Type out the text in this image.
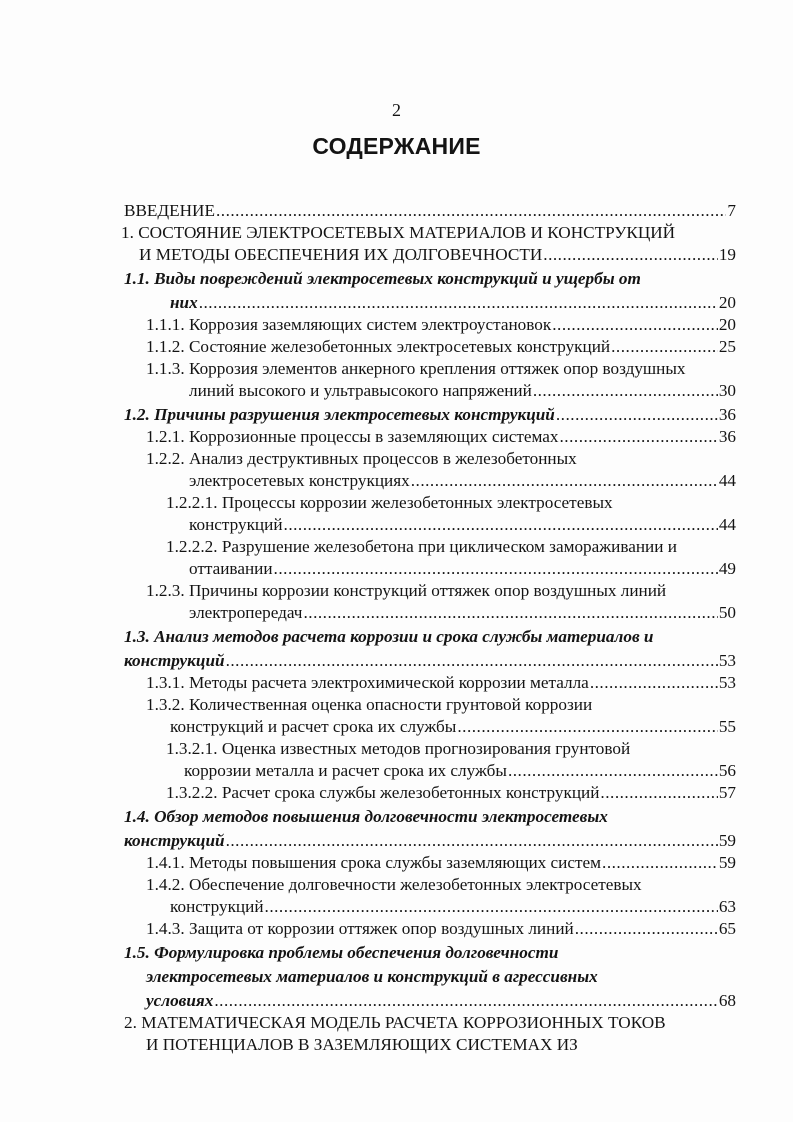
2
СОДЕРЖАНИЕ
ВВЕДЕНИЕ .....	7
1. СОСТОЯНИЕ ЭЛЕКТРОСЕТЕВЫХ МАТЕРИАЛОВ И КОНСТРУКЦИЙ
И МЕТОДЫ ОБЕСПЕЧЕНИЯ ИХ ДОЛГОВЕЧНОСТИ .....	19
1.1. Виды повреждений электросетевых конструкций и ущербы от
них .....	20
1.1.1. Коррозия заземляющих систем электроустановок .....	20
1.1.2. Состояние железобетонных электросетевых конструкций .....	25
1.1.3. Коррозия элементов анкерного крепления оттяжек опор воздушных
линий высокого и ультравысокого напряжений .....	30
1.2. Причины разрушения электросетевых конструкций .....	36
1.2.1. Коррозионные процессы в заземляющих системах .....	36
1.2.2. Анализ деструктивных процессов в железобетонных
электросетевых конструкциях .....	44
1.2.2.1. Процессы коррозии железобетонных электросетевых
конструкций .....	44
1.2.2.2. Разрушение железобетона при циклическом замораживании и
оттаивании .....	49
1.2.3. Причины коррозии конструкций оттяжек опор воздушных линий
электропередач .....	50
1.3. Анализ методов расчета коррозии и срока службы материалов и
конструкций .....	53
1.3.1. Методы расчета электрохимической коррозии металла .....	53
1.3.2. Количественная оценка опасности грунтовой коррозии
конструкций и расчет срока их службы .....	55
1.3.2.1. Оценка известных методов прогнозирования грунтовой
коррозии металла и расчет срока их службы .....	56
1.3.2.2. Расчет срока службы железобетонных конструкций .....	57
1.4. Обзор методов повышения долговечности электросетевых
конструкций .....	59
1.4.1. Методы повышения срока службы заземляющих систем .....	59
1.4.2. Обеспечение долговечности железобетонных электросетевых
конструкций .....	63
1.4.3. Защита от коррозии оттяжек опор воздушных линий .....	65
1.5. Формулировка проблемы обеспечения долговечности
электросетевых материалов и конструкций в агрессивных
условиях .....	68
2. МАТЕМАТИЧЕСКАЯ МОДЕЛЬ РАСЧЕТА КОРРОЗИОННЫХ ТОКОВ
И ПОТЕНЦИАЛОВ В ЗАЗЕМЛЯЮЩИХ СИСТЕМАХ ИЗ
